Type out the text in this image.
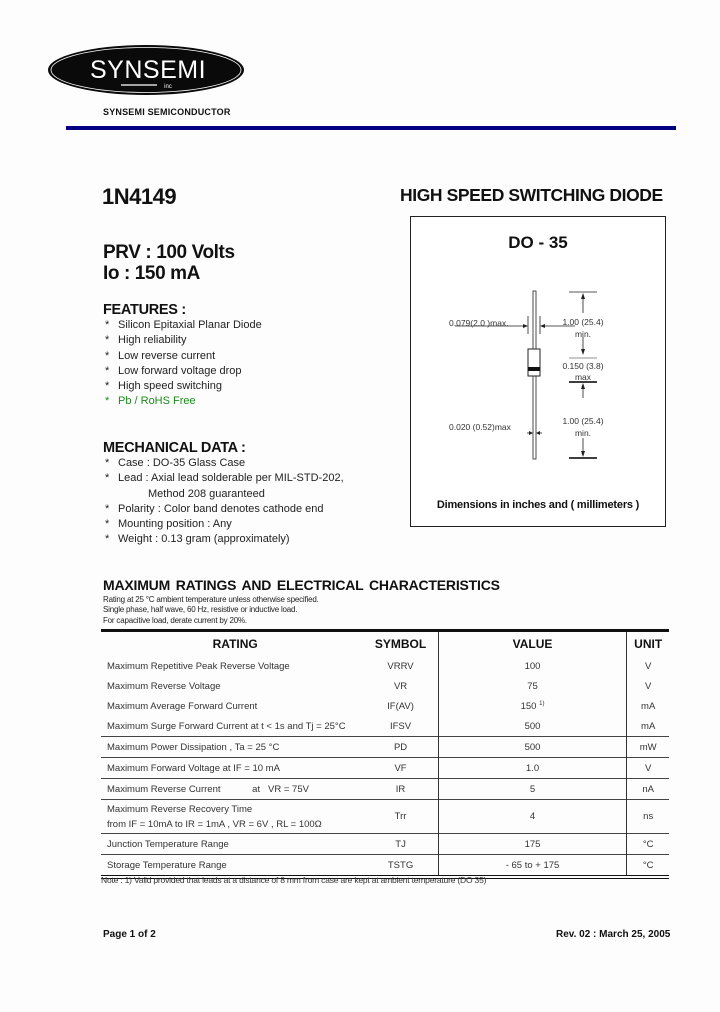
SYNSEMI
inc
SYNSEMI SEMICONDUCTOR
1N4149	HIGH SPEED SWITCHING DIODE
PRV : 100 Volts
Io : 150 mA
FEATURES :
* Silicon Epitaxial Planar Diode
* High reliability
* Low reverse current
* Low forward voltage drop
* High speed switching
* Pb / RoHS Free
MECHANICAL DATA :
* Case : DO-35 Glass Case
* Lead : Axial lead solderable per MIL-STD-202,
Method 208 guaranteed
* Polarity : Color band denotes cathode end
* Mounting position : Any
* Weight : 0.13 gram (approximately)
0.079(2.0 )max.
0.020 (0.52)max
1.00 (25.4)
min.
0.150 (3.8)
max
1.00 (25.4)
min.
DO - 35
Dimensions in inches and ( millimeters )
MAXIMUM RATINGS AND ELECTRICAL CHARACTERISTICS
Rating at 25 °C ambient temperature unless otherwise specified.
Single phase, half wave, 60 Hz, resistive or inductive load.
For capacitive load, derate current by 20%.
RATING	SYMBOL	VALUE	UNIT
Maximum Repetitive Peak Reverse Voltage	VRRV	100	V
Maximum Reverse Voltage	VR	75	V
Maximum Average Forward Current	IF(AV)	150 $^{1)}$	mA
Maximum Surge Forward Current at t < 1s and Tj = 25°C	IFSV	500	mA
Maximum Power Dissipation , Ta = 25 °C	PD	500	mW
Maximum Forward Voltage at IF = 10 mA	VF	1.0	V
Maximum Reverse Current            at   VR = 75V	IR	5	nA

Maximum Reverse Recovery Time
from IF = 10mA to IR = 1mA , VR = 6V , RL = 100Ω	Trr	4	ns
Junction Temperature Range	TJ	175	°C
Storage Temperature Range	TSTG	- 65 to + 175	°C
Note : 1) Valid provided that leads at a distance of 8 mm from case are kept at ambient temperature (DO 35)
Page 1 of 2	Rev. 02 : March 25, 2005
